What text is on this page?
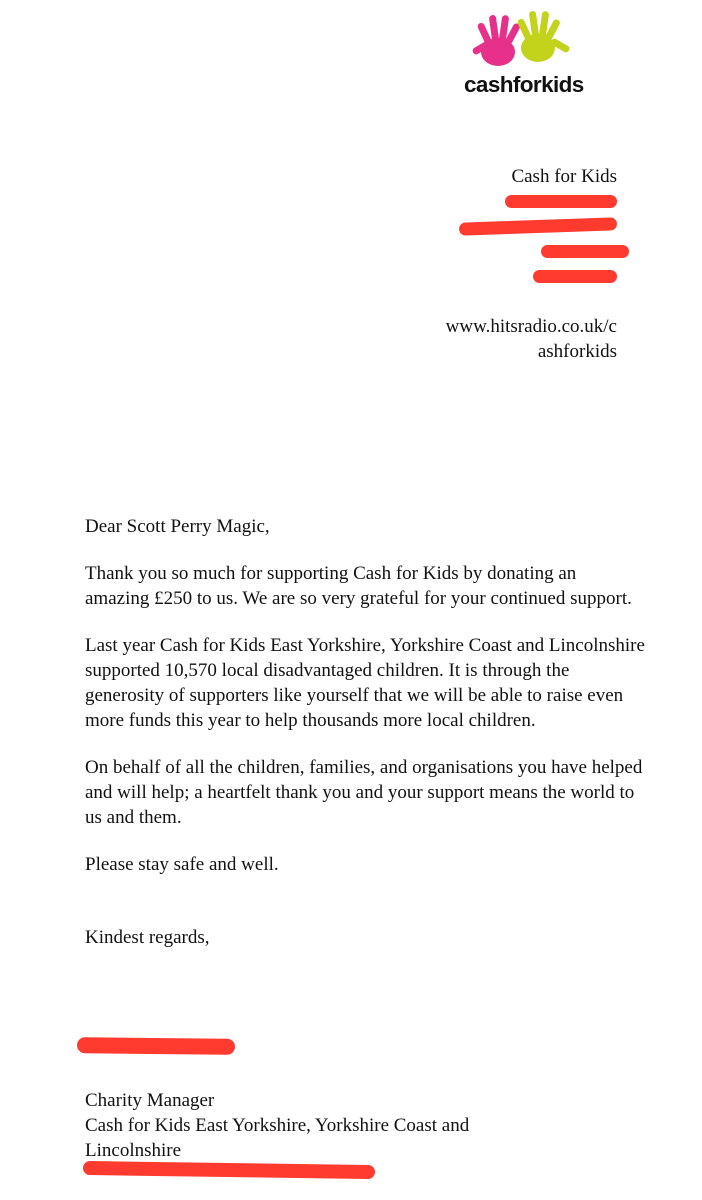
cashforkids
Cash for Kids
www.hitsradio.co.uk/c
ashforkids

Dear Scott Perry Magic,

Thank you so much for supporting Cash for Kids by donating an amazing £250 to us. We are so very grateful for your continued support.

Last year Cash for Kids East Yorkshire, Yorkshire Coast and Lincolnshire supported 10,570 local disadvantaged children. It is through the generosity of supporters like yourself that we will be able to raise even more funds this year to help thousands more local children.

On behalf of all the children, families, and organisations you have helped and will help; a heartfelt thank you and your support means the world to us and them.

Please stay safe and well.

Kindest regards,

Charity Manager
Cash for Kids East Yorkshire, Yorkshire Coast and
Lincolnshire
